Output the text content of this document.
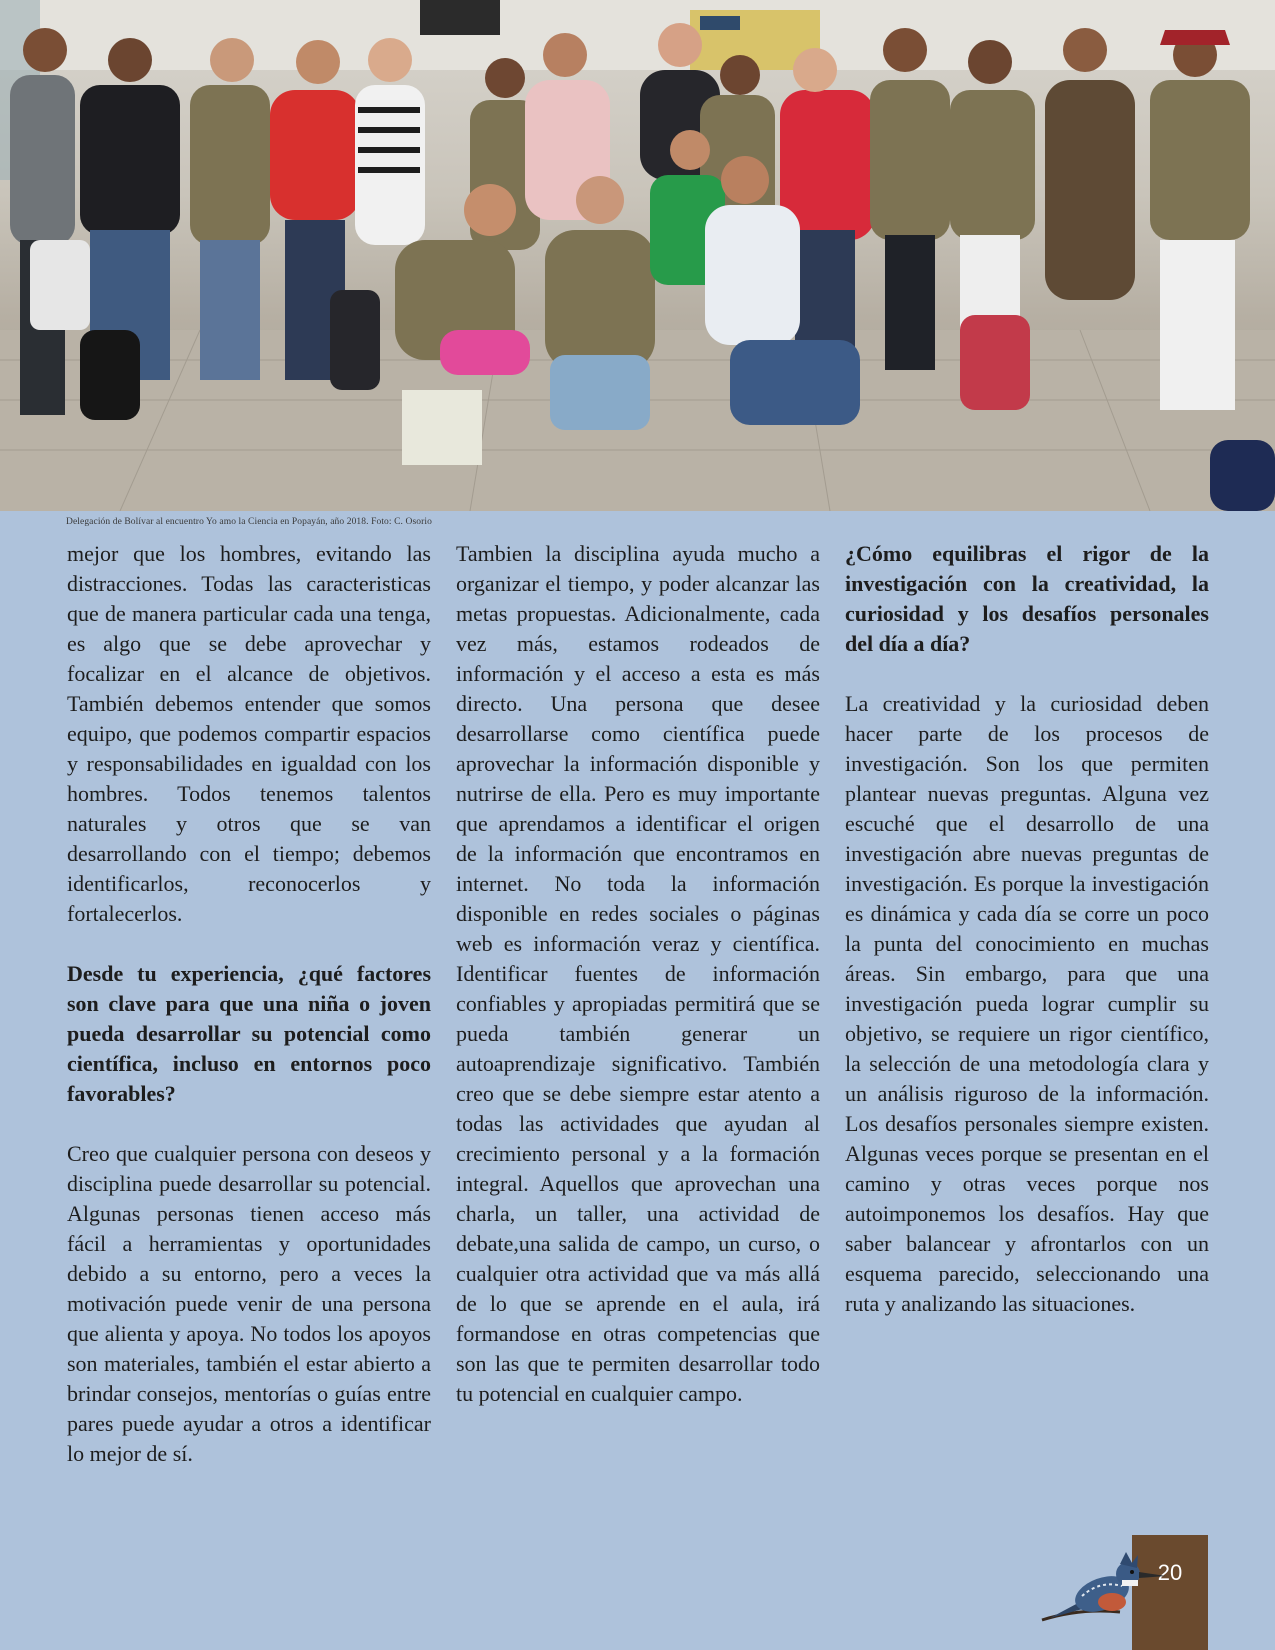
Delegación de Bolívar al encuentro Yo amo la Ciencia en Popayán, año 2018. Foto: C. Osorio

mejor que los hombres, evitando las distracciones. Todas las caracteristicas que de manera particular cada una tenga, es algo que se debe aprovechar y focalizar en el alcance de objetivos. También debemos entender que somos equipo, que podemos compartir espacios y responsabilidades en igualdad con los hombres. Todos tenemos talentos naturales y otros que se van desarrollando con el tiempo; debemos identificarlos, reconocerlos y fortalecerlos.

Desde tu experiencia, ¿qué factores son clave para que una niña o joven pueda desarrollar su potencial como científica, incluso en entornos poco favorables?

Creo que cualquier persona con deseos y disciplina puede desarrollar su potencial. Algunas personas tienen acceso más fácil a herramientas y oportunidades debido a su entorno, pero a veces la motivación puede venir de una persona que alienta y apoya. No todos los apoyos son materiales, también el estar abierto a brindar consejos, mentorías o guías entre pares puede ayudar a otros a identificar lo mejor de sí.

Tambien la disciplina ayuda mucho a organizar el tiempo, y poder alcanzar las metas propuestas. Adicionalmente, cada vez más, estamos rodeados de información y el acceso a esta es más directo. Una persona que desee desarrollarse como científica puede aprovechar la información disponible y nutrirse de ella. Pero es muy importante que aprendamos a identificar el origen de la información que encontramos en internet. No toda la información disponible en redes sociales o páginas web es información veraz y científica. Identificar fuentes de información confiables y apropiadas permitirá que se pueda también generar un autoaprendizaje significativo. También creo que se debe siempre estar atento a todas las actividades que ayudan al crecimiento personal y a la formación integral. Aquellos que aprovechan una charla, un taller, una actividad de debate,una salida de campo, un curso, o cualquier otra actividad que va más allá de lo que se aprende en el aula, irá formandose en otras competencias que son las que te permiten desarrollar todo tu potencial en cualquier campo.

¿Cómo equilibras el rigor de la investigación con la creatividad, la curiosidad y los desafíos personales del día a día?

La creatividad y la curiosidad deben hacer parte de los procesos de investigación. Son los que permiten plantear nuevas preguntas. Alguna vez escuché que el desarrollo de una investigación abre nuevas preguntas de investigación. Es porque la investigación es dinámica y cada día se corre un poco la punta del conocimiento en muchas áreas. Sin embargo, para que una investigación pueda lograr cumplir su objetivo, se requiere un rigor científico, la selección de una metodología clara y un análisis riguroso de la información. Los desafíos personales siempre existen. Algunas veces porque se presentan en el camino y otras veces porque nos autoimponemos los desafíos. Hay que saber balancear y afrontarlos con un esquema parecido, seleccionando una ruta y analizando las situaciones.

20
